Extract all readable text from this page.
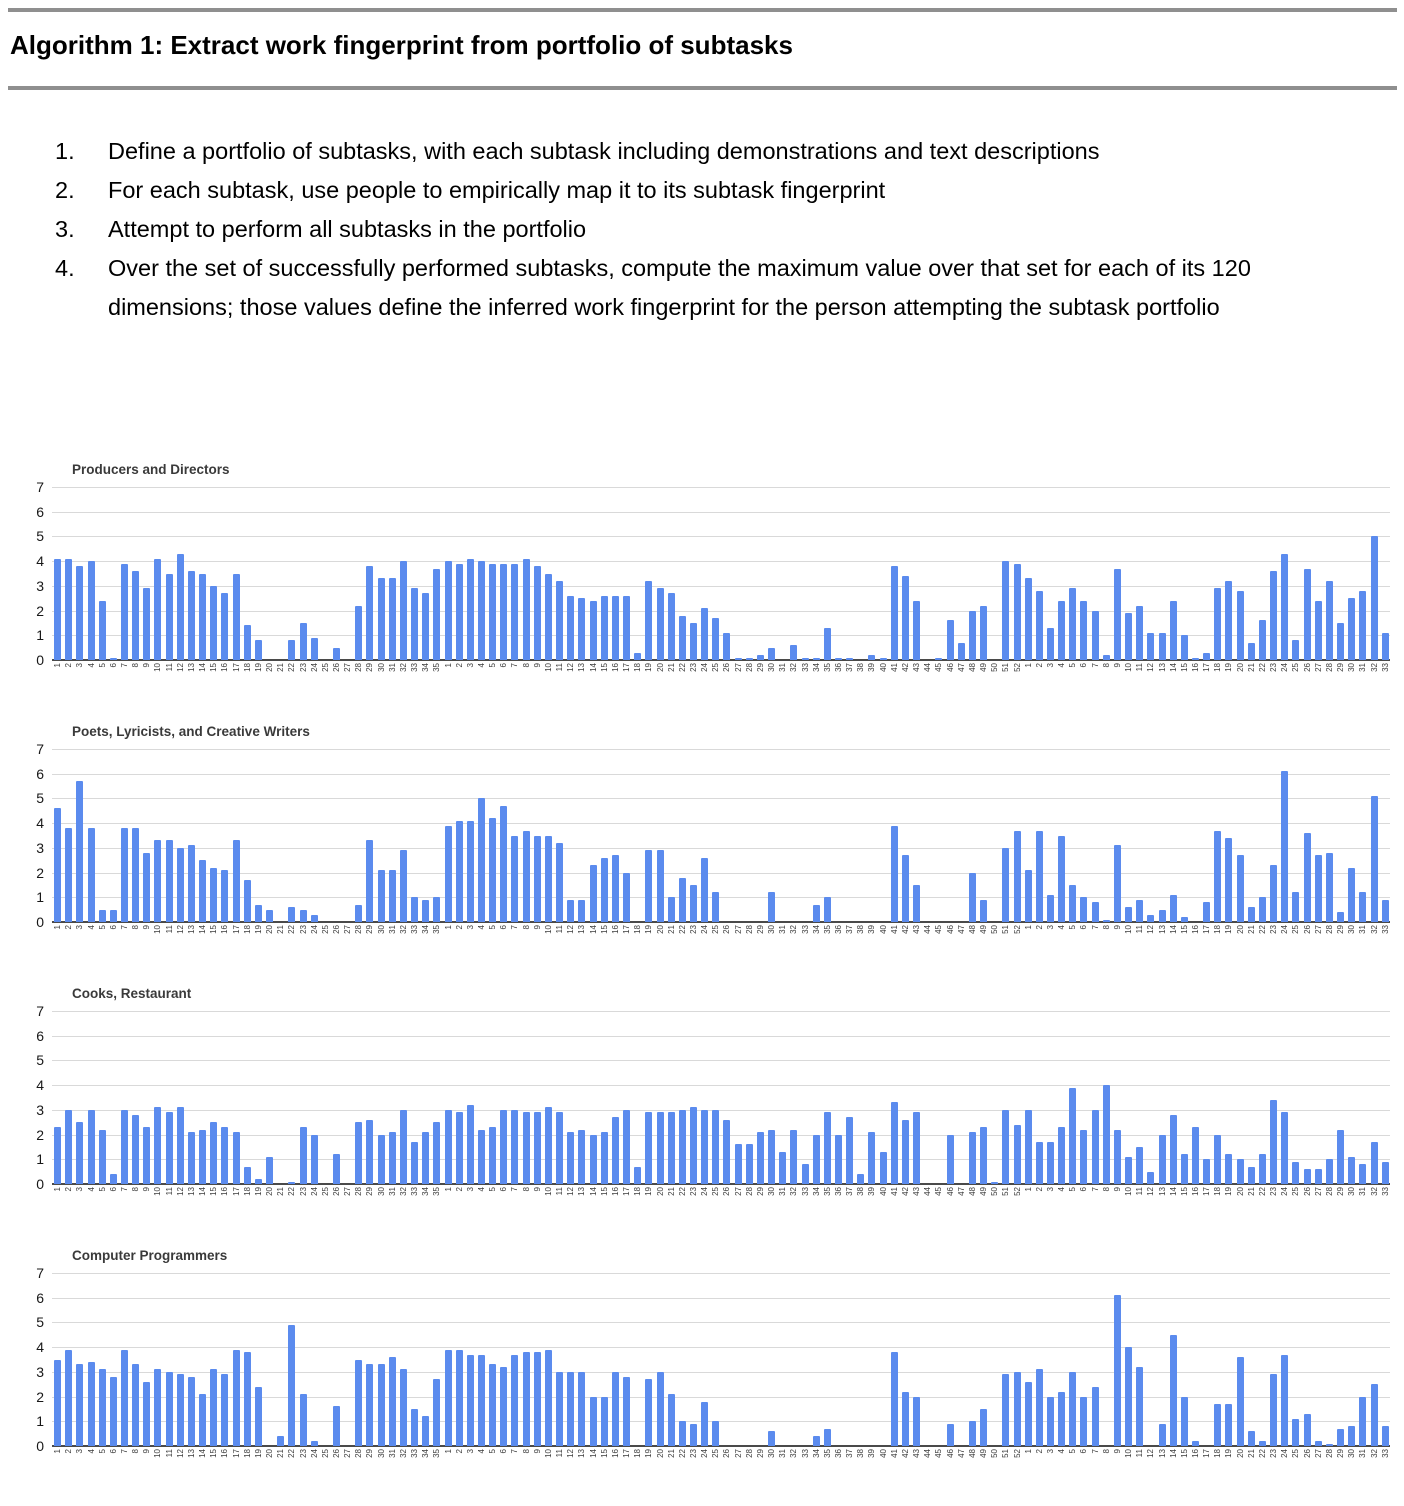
Algorithm 1: Extract work fingerprint from portfolio of subtasks
1.	Define a portfolio of subtasks, with each subtask including demonstrations and text descriptions
2.	For each subtask, use people to empirically map it to its subtask fingerprint
3.	Attempt to perform all subtasks in the portfolio
4.	Over the set of successfully performed subtasks, compute the maximum value over that set for each of its 120 dimensions; those values define the inferred work fingerprint for the person attempting the subtask portfolio
Producers and Directors
7
6
5
4
3
2
1
0 1 2 3 4 5 6 7 8 9 10 11 12 13 14 15 16 17 18 19 20 21 22 23 24 25 26 27 28 29 30 31 32 33 34 35 1 2 3 4 5 6 7 8 9 10 11 12 13 14 15 16 17 18 19 20 21 22 23 24 25 26 27 28 29 30 31 32 33 34 35 36 37 38 39 40 41 42 43 44 45 46 47 48 49 50 51 52 1 2 3 4 5 6 7 8 9 10 11 12 13 14 15 16 17 18 19 20 21 22 23 24 25 26 27 28 29 30 31 32 33
Poets, Lyricists, and Creative Writers
7
6
5
4
3
2
1
0 1 2 3 4 5 6 7 8 9 10 11 12 13 14 15 16 17 18 19 20 21 22 23 24 25 26 27 28 29 30 31 32 33 34 35 1 2 3 4 5 6 7 8 9 10 11 12 13 14 15 16 17 18 19 20 21 22 23 24 25 26 27 28 29 30 31 32 33 34 35 36 37 38 39 40 41 42 43 44 45 46 47 48 49 50 51 52 1 2 3 4 5 6 7 8 9 10 11 12 13 14 15 16 17 18 19 20 21 22 23 24 25 26 27 28 29 30 31 32 33
Cooks, Restaurant
7
6
5
4
3
2
1
0 1 2 3 4 5 6 7 8 9 10 11 12 13 14 15 16 17 18 19 20 21 22 23 24 25 26 27 28 29 30 31 32 33 34 35 1 2 3 4 5 6 7 8 9 10 11 12 13 14 15 16 17 18 19 20 21 22 23 24 25 26 27 28 29 30 31 32 33 34 35 36 37 38 39 40 41 42 43 44 45 46 47 48 49 50 51 52 1 2 3 4 5 6 7 8 9 10 11 12 13 14 15 16 17 18 19 20 21 22 23 24 25 26 27 28 29 30 31 32 33
Computer Programmers
7
6
5
4
3
2
1
0 1 2 3 4 5 6 7 8 9 10 11 12 13 14 15 16 17 18 19 20 21 22 23 24 25 26 27 28 29 30 31 32 33 34 35 1 2 3 4 5 6 7 8 9 10 11 12 13 14 15 16 17 18 19 20 21 22 23 24 25 26 27 28 29 30 31 32 33 34 35 36 37 38 39 40 41 42 43 44 45 46 47 48 49 50 51 52 1 2 3 4 5 6 7 8 9 10 11 12 13 14 15 16 17 18 19 20 21 22 23 24 25 26 27 28 29 30 31 32 33
